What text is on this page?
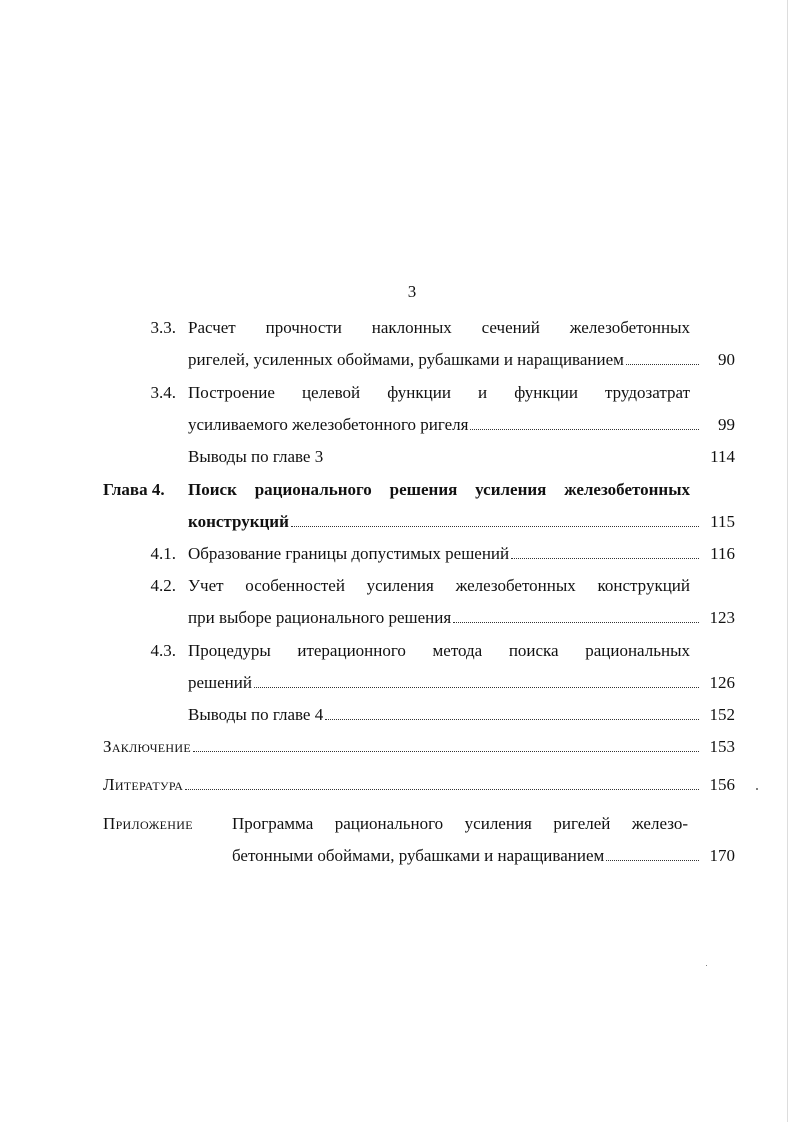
3
3.3. Расчет прочности наклонных сечений железобетонных
ригелей, усиленных обоймами, рубашками и наращиванием	90
3.4. Построение целевой функции и функции трудозатрат
усиливаемого железобетонного ригеля	99
Выводы по главе 3	114
Глава 4. Поиск рационального решения усиления железобетонных
конструкций	115
4.1. Образование границы допустимых решений	116
4.2. Учет особенностей усиления железобетонных конструкций
при выборе рационального решения	123
4.3. Процедуры итерационного метода поиска рациональных
решений	126
Выводы по главе 4	152
Заключение	153
Литература	156
Приложение Программа рационального усиления ригелей железо-
бетонными обоймами, рубашками и наращиванием	170
